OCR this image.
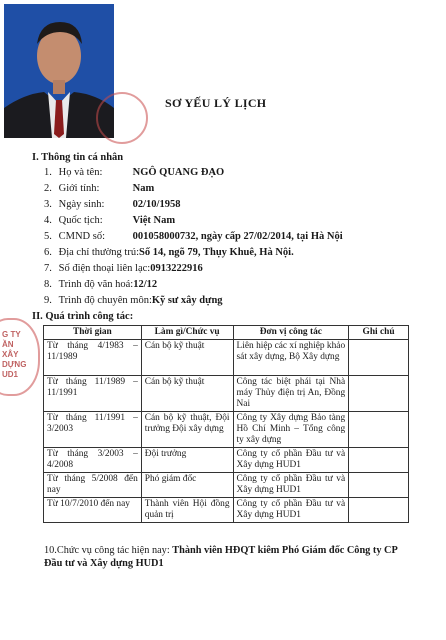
G TY
ẦN
XÂY DỰNG
UD1
SƠ YẾU LÝ LỊCH
I. Thông tin cá nhân
1. Họ và tên:	NGÔ QUANG ĐẠO
2. Giới tính:	Nam
3. Ngày sinh:	02/10/1958
4. Quốc tịch:	Việt Nam
5. CMND số:	001058000732, ngày cấp 27/02/2014, tại Hà Nội
6. Địa chỉ thường trú:Số 14, ngõ 79, Thụy Khuê, Hà Nội.
7. Số điện thoại liên lạc:0913222916
8. Trình độ văn hoá:12/12
9. Trình độ chuyên môn:Kỹ sư xây dựng
II. Quá trình công tác:
Thời gian	Làm gì/Chức vụ	Đơn vị công tác	Ghi chú
Từ tháng 4/1983 – 11/1989	Cán bộ kỹ thuật	Liên hiệp các xí nghiệp khảo sát xây dựng, Bộ Xây dựng	
Từ tháng 11/1989 – 11/1991	Cán bộ kỹ thuật	Công tác biệt phái tại Nhà máy Thủy điện trị An, Đồng Nai	
Từ tháng 11/1991 – 3/2003	Cán bộ kỹ thuật, Đội trưởng Đội xây dựng	Công ty Xây dựng Bảo tàng Hồ Chí Minh – Tổng công ty xây dựng	
Từ tháng 3/2003 – 4/2008	Đội trưởng	Công ty cổ phần Đầu tư và Xây dựng HUD1	
Từ tháng 5/2008 đến nay	Phó giám đốc	Công ty cổ phần Đầu tư và Xây dựng HUD1	
Từ 10/7/2010 đến nay	Thành viên Hội đồng quản trị	Công ty cổ phần Đầu tư và Xây dựng HUD1	
10.Chức vụ công tác hiện nay: Thành viên HĐQT kiêm Phó Giám đốc Công ty CP Đầu tư và Xây dựng HUD1
